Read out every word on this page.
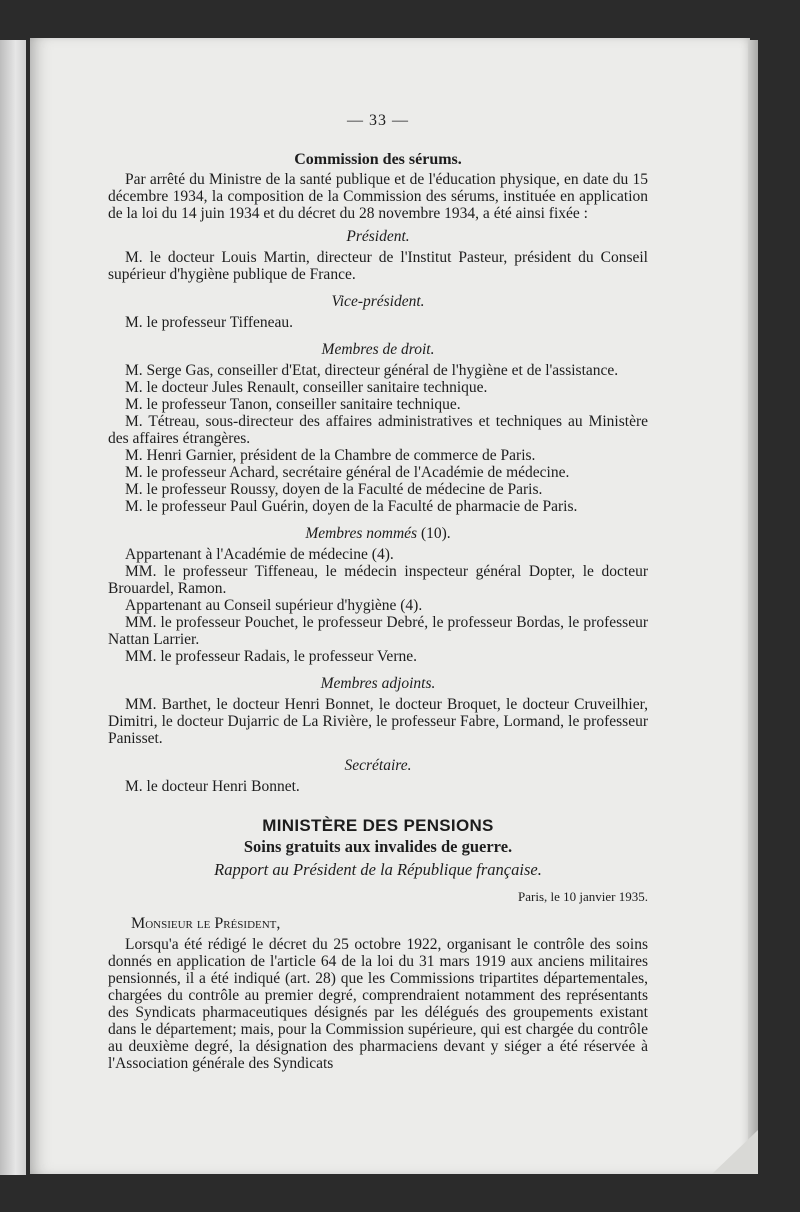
— 33 —
Commission des sérums.

Par arrêté du Ministre de la santé publique et de l'éducation physique, en date du 15 décembre 1934, la composition de la Commission des sérums, instituée en application de la loi du 14 juin 1934 et du décret du 28 novembre 1934, a été ainsi fixée :

Président.

M. le docteur Louis Martin, directeur de l'Institut Pasteur, président du Conseil supérieur d'hygiène publique de France.

Vice-président.

M. le professeur Tiffeneau.

Membres de droit.

M. Serge Gas, conseiller d'Etat, directeur général de l'hygiène et de l'assistance.

M. le docteur Jules Renault, conseiller sanitaire technique.

M. le professeur Tanon, conseiller sanitaire technique.

M. Tétreau, sous-directeur des affaires administratives et techniques au Ministère des affaires étrangères.

M. Henri Garnier, président de la Chambre de commerce de Paris.

M. le professeur Achard, secrétaire général de l'Académie de médecine.

M. le professeur Roussy, doyen de la Faculté de médecine de Paris.

M. le professeur Paul Guérin, doyen de la Faculté de pharmacie de Paris.

Membres nommés (10).

Appartenant à l'Académie de médecine (4).

MM. le professeur Tiffeneau, le médecin inspecteur général Dopter, le docteur Brouardel, Ramon.

Appartenant au Conseil supérieur d'hygiène (4).

MM. le professeur Pouchet, le professeur Debré, le professeur Bordas, le professeur Nattan Larrier.

MM. le professeur Radais, le professeur Verne.

Membres adjoints.

MM. Barthet, le docteur Henri Bonnet, le docteur Broquet, le docteur Cruveilhier, Dimitri, le docteur Dujarric de La Rivière, le professeur Fabre, Lormand, le professeur Panisset.

Secrétaire.

M. le docteur Henri Bonnet.

MINISTÈRE DES PENSIONS
Soins gratuits aux invalides de guerre.
Rapport au Président de la République française.
Paris, le 10 janvier 1935.
Monsieur le Président,

Lorsqu'a été rédigé le décret du 25 octobre 1922, organisant le contrôle des soins donnés en application de l'article 64 de la loi du 31 mars 1919 aux anciens militaires pensionnés, il a été indiqué (art. 28) que les Commissions tripartites départementales, chargées du contrôle au premier degré, comprendraient notamment des représentants des Syndicats pharmaceutiques désignés par les délégués des groupements existant dans le département; mais, pour la Commission supérieure, qui est chargée du contrôle au deuxième degré, la désignation des pharmaciens devant y siéger a été réservée à l'Association générale des Syndicats
